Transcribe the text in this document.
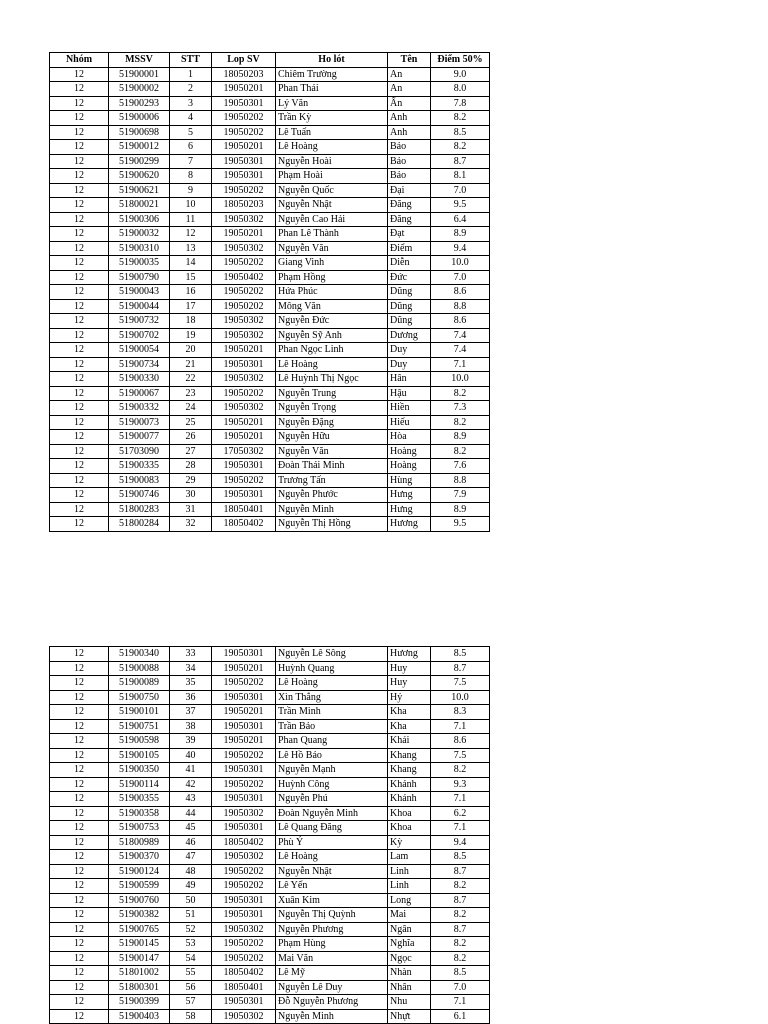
Nhóm	MSSV	STT	Lop SV	Ho lót	Tên	Điểm 50%
12	51900001	1	18050203	Chiêm Trường	An	9.0
12	51900002	2	19050201	Phan Thái	An	8.0
12	51900293	3	19050301	Lý Văn	Ẩn	7.8
12	51900006	4	19050202	Trần Kỳ	Anh	8.2
12	51900698	5	19050202	Lê Tuấn	Anh	8.5
12	51900012	6	19050201	Lê Hoàng	Bảo	8.2
12	51900299	7	19050301	Nguyễn Hoài	Bảo	8.7
12	51900620	8	19050301	Phạm Hoài	Bảo	8.1
12	51900621	9	19050202	Nguyễn Quốc	Đại	7.0
12	51800021	10	18050203	Nguyễn Nhật	Đăng	9.5
12	51900306	11	19050302	Nguyễn Cao Hải	Đăng	6.4
12	51900032	12	19050201	Phan Lê Thành	Đạt	8.9
12	51900310	13	19050302	Nguyễn Văn	Điểm	9.4
12	51900035	14	19050202	Giang Vinh	Diễn	10.0
12	51900790	15	19050402	Phạm Hồng	Đức	7.0
12	51900043	16	19050202	Hứa Phúc	Dũng	8.6
12	51900044	17	19050202	Mông Văn	Dũng	8.8
12	51900732	18	19050302	Nguyễn Đức	Dũng	8.6
12	51900702	19	19050302	Nguyễn Sỹ Anh	Dương	7.4
12	51900054	20	19050201	Phan Ngọc Linh	Duy	7.4
12	51900734	21	19050301	Lê Hoàng	Duy	7.1
12	51900330	22	19050302	Lê Huỳnh Thị Ngọc	Hân	10.0
12	51900067	23	19050202	Nguyễn Trung	Hậu	8.2
12	51900332	24	19050302	Nguyễn Trọng	Hiền	7.3
12	51900073	25	19050201	Nguyễn Đặng	Hiếu	8.2
12	51900077	26	19050201	Nguyễn Hữu	Hòa	8.9
12	51703090	27	17050302	Nguyễn Văn	Hoàng	8.2
12	51900335	28	19050301	Đoàn Thái Minh	Hoàng	7.6
12	51900083	29	19050202	Trương Tấn	Hùng	8.8
12	51900746	30	19050301	Nguyễn Phước	Hưng	7.9
12	51800283	31	18050401	Nguyễn Minh	Hưng	8.9
12	51800284	32	18050402	Nguyễn Thị Hồng	Hương	9.5
12	51900340	33	19050301	Nguyễn Lê Sông	Hương	8.5
12	51900088	34	19050201	Huỳnh Quang	Huy	8.7
12	51900089	35	19050202	Lê Hoàng	Huy	7.5
12	51900750	36	19050301	Xìn Thắng	Hỷ	10.0
12	51900101	37	19050201	Trần Minh	Kha	8.3
12	51900751	38	19050301	Trần Bảo	Kha	7.1
12	51900598	39	19050201	Phan Quang	Khải	8.6
12	51900105	40	19050202	Lê Hồ Bảo	Khang	7.5
12	51900350	41	19050301	Nguyễn Mạnh	Khang	8.2
12	51900114	42	19050202	Huỳnh Công	Khánh	9.3
12	51900355	43	19050301	Nguyễn Phú	Khánh	7.1
12	51900358	44	19050302	Đoàn Nguyễn Minh	Khoa	6.2
12	51900753	45	19050301	Lê Quang Đăng	Khoa	7.1
12	51800989	46	18050402	Phù Ý	Kỳ	9.4
12	51900370	47	19050302	Lê Hoàng	Lam	8.5
12	51900124	48	19050202	Nguyễn Nhật	Linh	8.7
12	51900599	49	19050202	Lê Yến	Linh	8.2
12	51900760	50	19050301	Xuân Kim	Long	8.7
12	51900382	51	19050301	Nguyễn Thị Quỳnh	Mai	8.2
12	51900765	52	19050302	Nguyễn Phương	Ngân	8.7
12	51900145	53	19050202	Phạm Hùng	Nghĩa	8.2
12	51900147	54	19050202	Mai Văn	Ngọc	8.2
12	51801002	55	18050402	Lê Mỹ	Nhàn	8.5
12	51800301	56	18050401	Nguyễn Lê Duy	Nhân	7.0
12	51900399	57	19050301	Đỗ Nguyễn Phương	Nhu	7.1
12	51900403	58	19050302	Nguyễn Minh	Nhựt	6.1
